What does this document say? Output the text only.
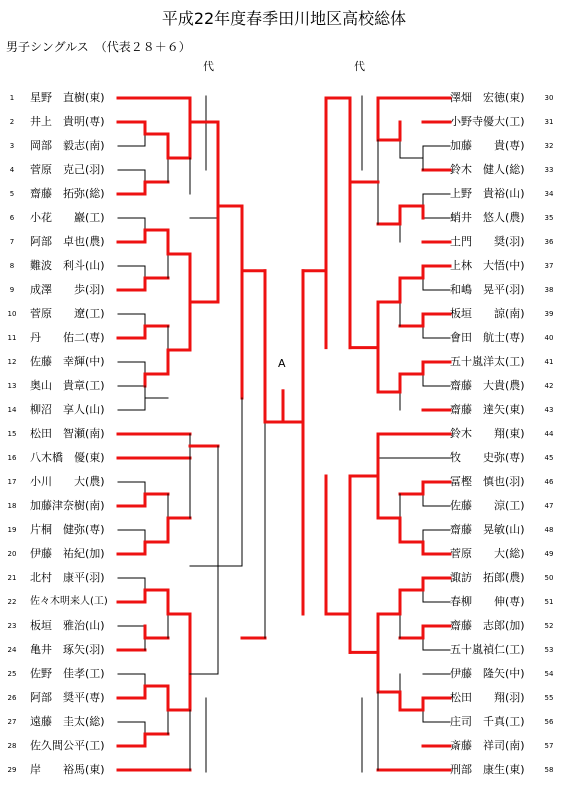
平成22年度春季田川地区高校総体
男子シングルス　（代表２８＋６）
代	代
A
1	星野　直樹(東)
2	井上　貴明(専)
3	岡部　毅志(南)
4	菅原　克己(羽)
5	齋藤　拓弥(総)
6	小花　　巖(工)
7	阿部　卓也(農)
8	難波　利斗(山)
9	成澤　　歩(羽)
10 菅原　　遼(工)
11 丹　　佑二(専)
12 佐藤　幸輝(中)
13 奥山　貴章(工)
14 柳沼　享人(山)
15 松田　智瀬(南)
16 八木橋　優(東)
17 小川　　大(農)
18 加藤津奈樹(南)
19 片桐　健弥(専)
20 伊藤　祐紀(加)
21 北村　康平(羽)
22 佐々木明来人(工)
23 板垣　雅治(山)
24 亀井　琢矢(羽)
25 佐野　佳孝(工)
26 阿部　奨平(専)
27 遠藤　圭太(総)
28 佐久間公平(工)
29 岸　　裕馬(東)
澤畑　宏徳(東)	30
小野寺優大(工)	31
加藤　　貴(専)	32
鈴木　健人(総)	33
上野　貴裕(山)	34
蛸井　悠人(農)	35
土門　　奨(羽)	36
上林　大悟(中)	37
和嶋　晃平(羽)	38
板垣　　諒(南)	39
會田　航士(専)	40
五十嵐洋太(工)	41
齋藤　大貴(農)	42
齋藤　達矢(東)	43
鈴木　　翔(東)	44
牧　　史弥(専)	45
冨樫　慎也(羽)	46
佐藤　　涼(工)	47
齋藤　晃敏(山)	48
菅原　　大(総)	49
諏訪　拓郎(農)	50
春柳　　伸(専)	51
齋藤　志郎(加)	52
五十嵐禎仁(工)	53
伊藤　隆矢(中)	54
松田　　翔(羽)	55
庄司　千真(工)	56
斎藤　祥司(南)	57
刑部　康生(東)	58
